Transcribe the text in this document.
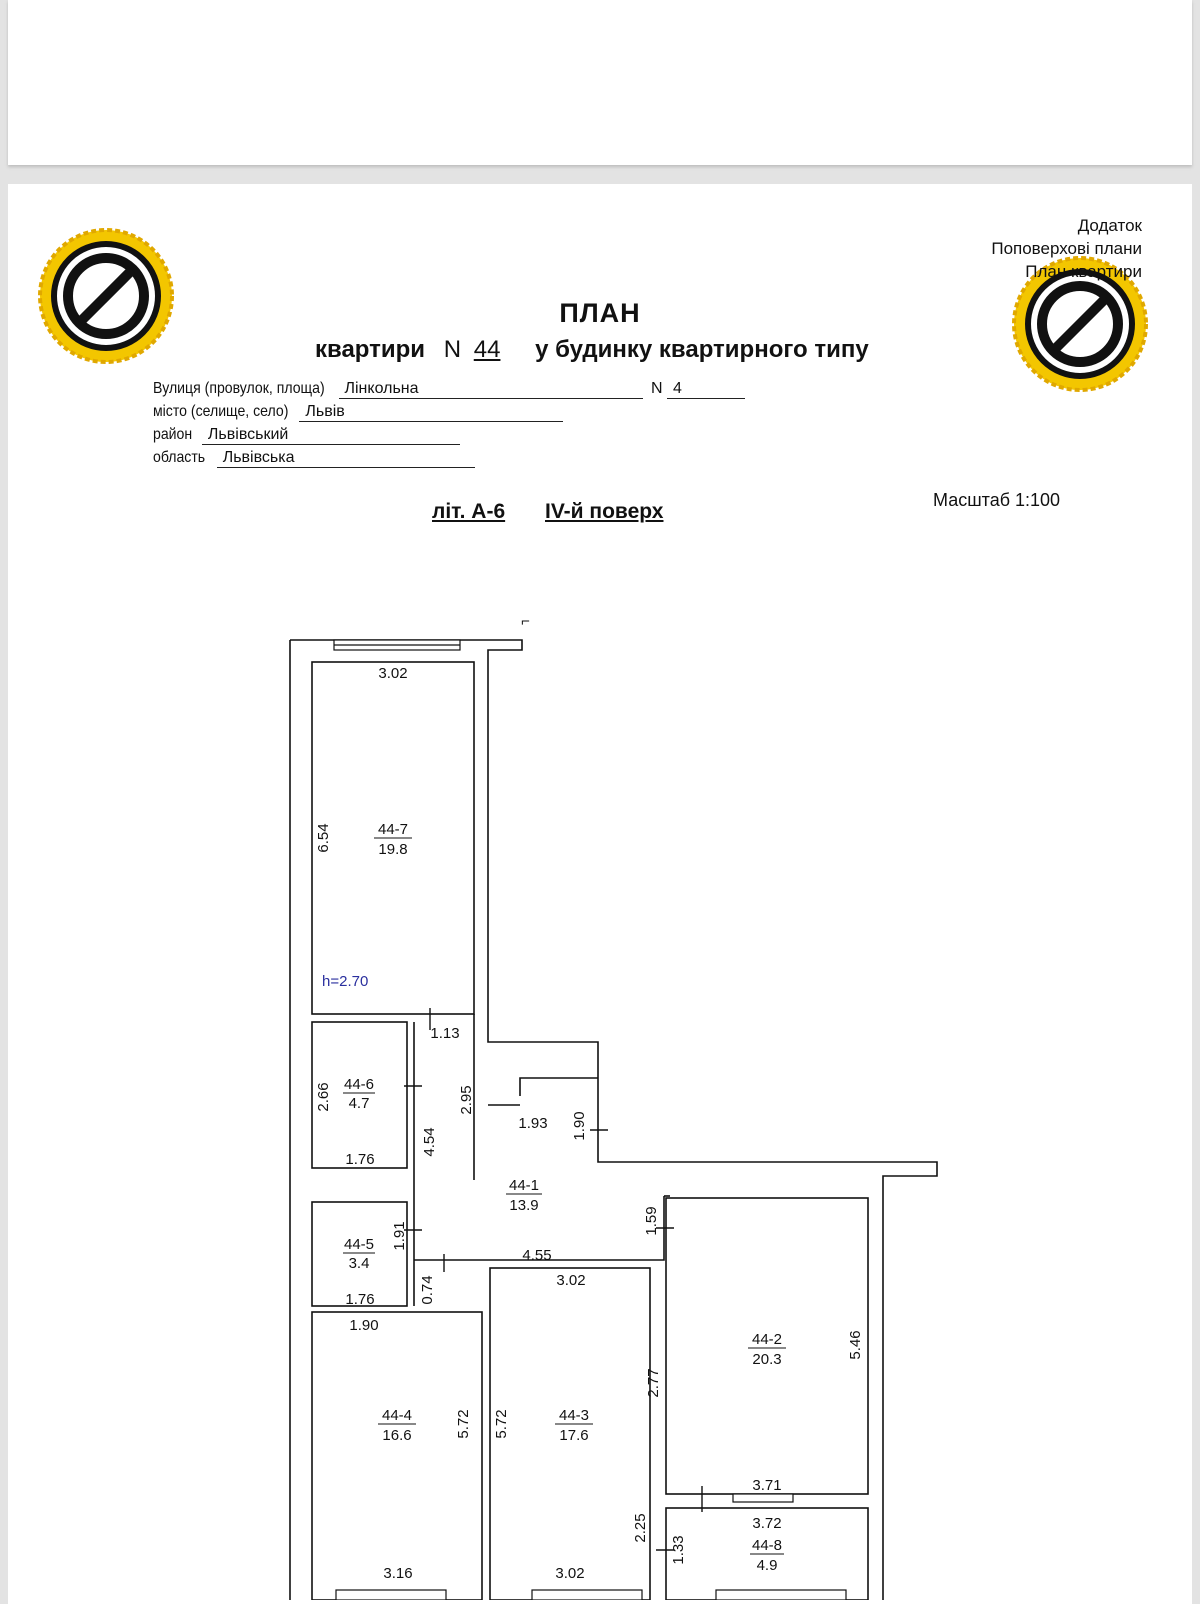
Додаток
Поповерхові плани
План квартири
ПЛАН
квартири N 44 у будинку квартирного типу
Вулиця (провулок, площа) Лінкольна	N 4
місто (селище, село) Львів
район Львівський
область Львівська
літ. А-6 IV-й поверх	Масштаб 1:100
⌐
44-7
19.8
44-6
4.7
44-5
3.4
44-1
13.9
44-4
16.6
44-3
17.6
44-2
20.3
44-8
4.9
h=2.70
3.02
6.54
1.13
2.66
1.76
2.95
4.54
1.93 1.90
1.59
1.91
4.55
1.76
3.02
0.74
1.90
5.72 5.72
2.77
5.46
3.71
3.72
2.25
1.33
3.16	3.02
